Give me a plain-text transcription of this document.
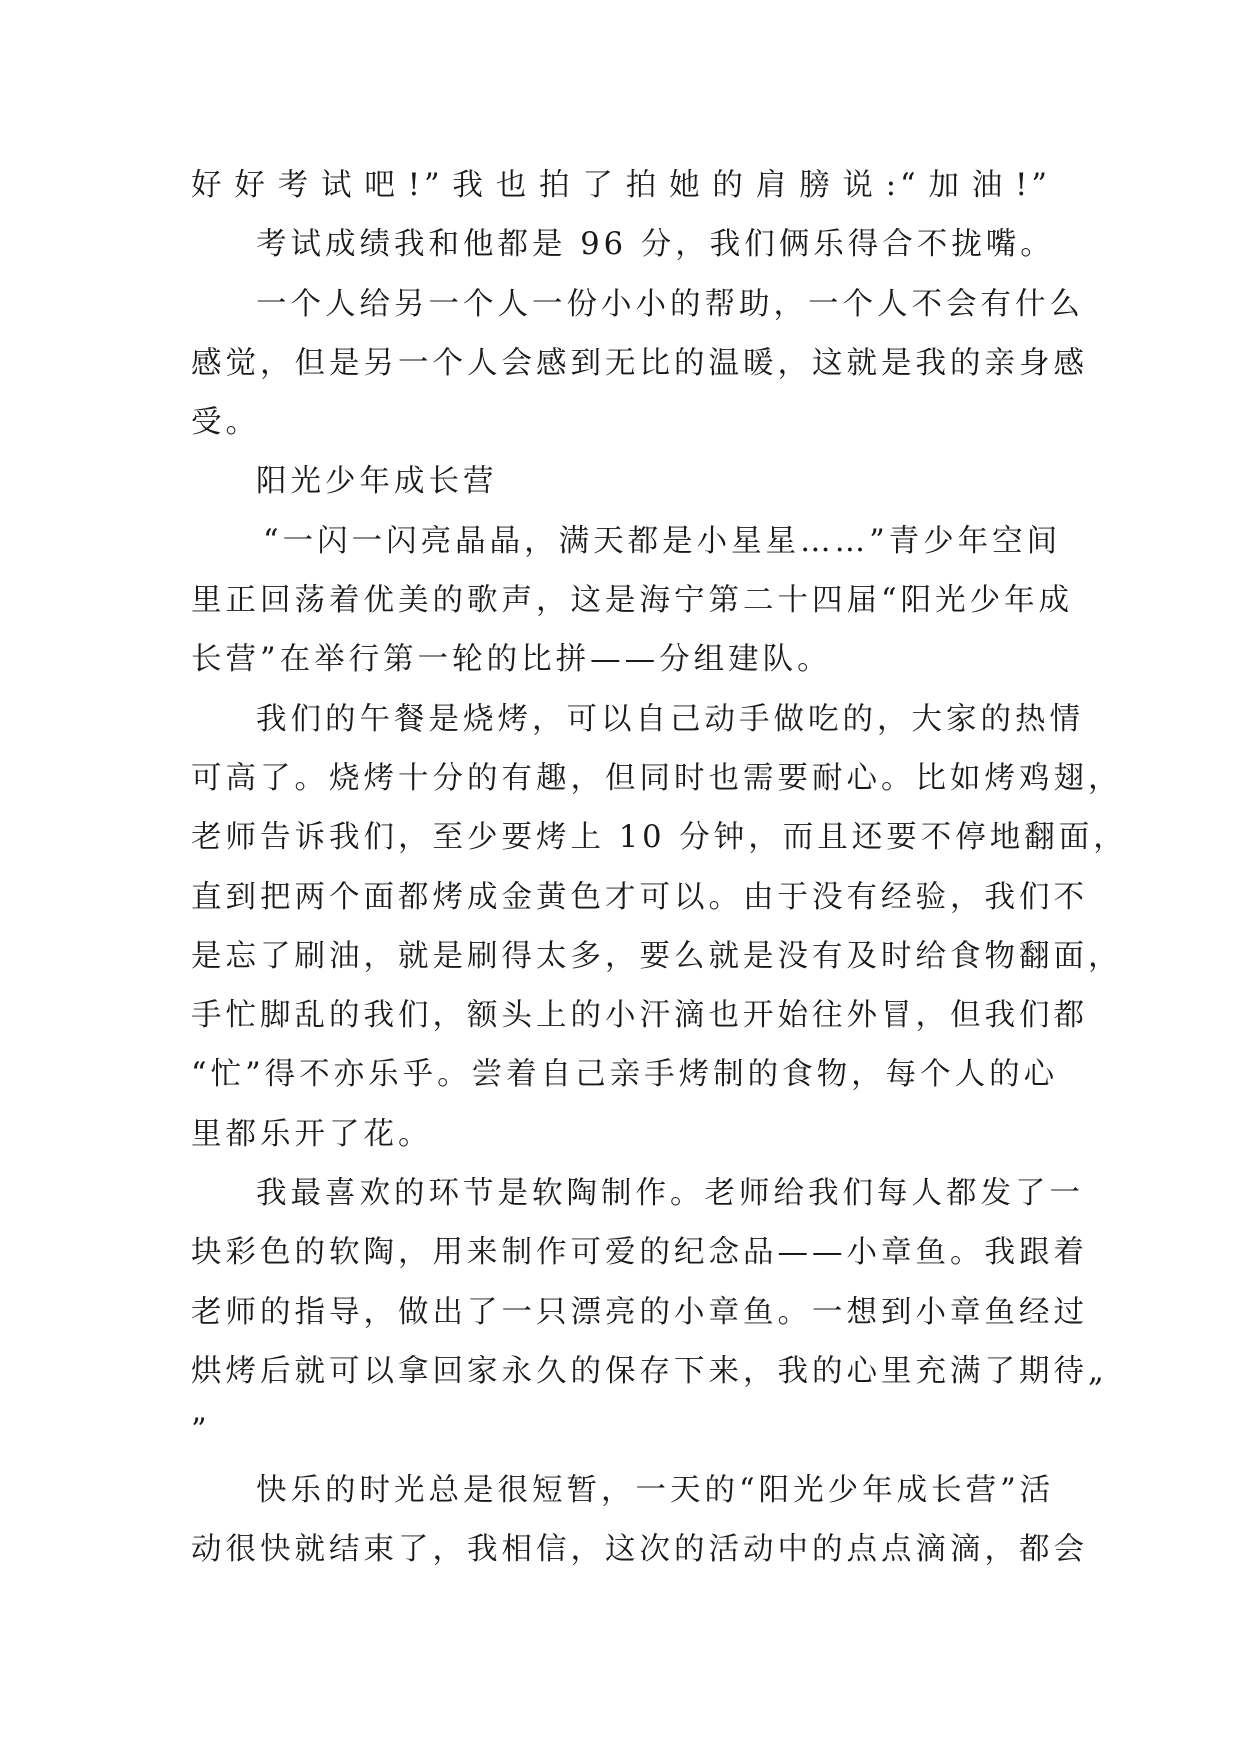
好好考试吧!”我也拍了拍她的肩膀说:“加油!”
考试成绩我和他都是 96 分，我们俩乐得合不拢嘴。
一个人给另一个人一份小小的帮助，一个人不会有什么
感觉，但是另一个人会感到无比的温暖，这就是我的亲身感
受。
阳光少年成长营
“一闪一闪亮晶晶，满天都是小星星……”青少年空间
里正回荡着优美的歌声，这是海宁第二十四届“阳光少年成
长营”在举行第一轮的比拼——分组建队。
我们的午餐是烧烤，可以自己动手做吃的，大家的热情
可高了。烧烤十分的有趣，但同时也需要耐心。比如烤鸡翅，
老师告诉我们，至少要烤上 10 分钟，而且还要不停地翻面，
直到把两个面都烤成金黄色才可以。由于没有经验，我们不
是忘了刷油，就是刷得太多，要么就是没有及时给食物翻面，
手忙脚乱的我们，额头上的小汗滴也开始往外冒，但我们都
“忙”得不亦乐乎。尝着自己亲手烤制的食物，每个人的心
里都乐开了花。
我最喜欢的环节是软陶制作。老师给我们每人都发了一
块彩色的软陶，用来制作可爱的纪念品——小章鱼。我跟着
老师的指导，做出了一只漂亮的小章鱼。一想到小章鱼经过
烘烤后就可以拿回家永久的保存下来，我的心里充满了期待„
”
快乐的时光总是很短暂，一天的“阳光少年成长营”活
动很快就结束了，我相信，这次的活动中的点点滴滴，都会
